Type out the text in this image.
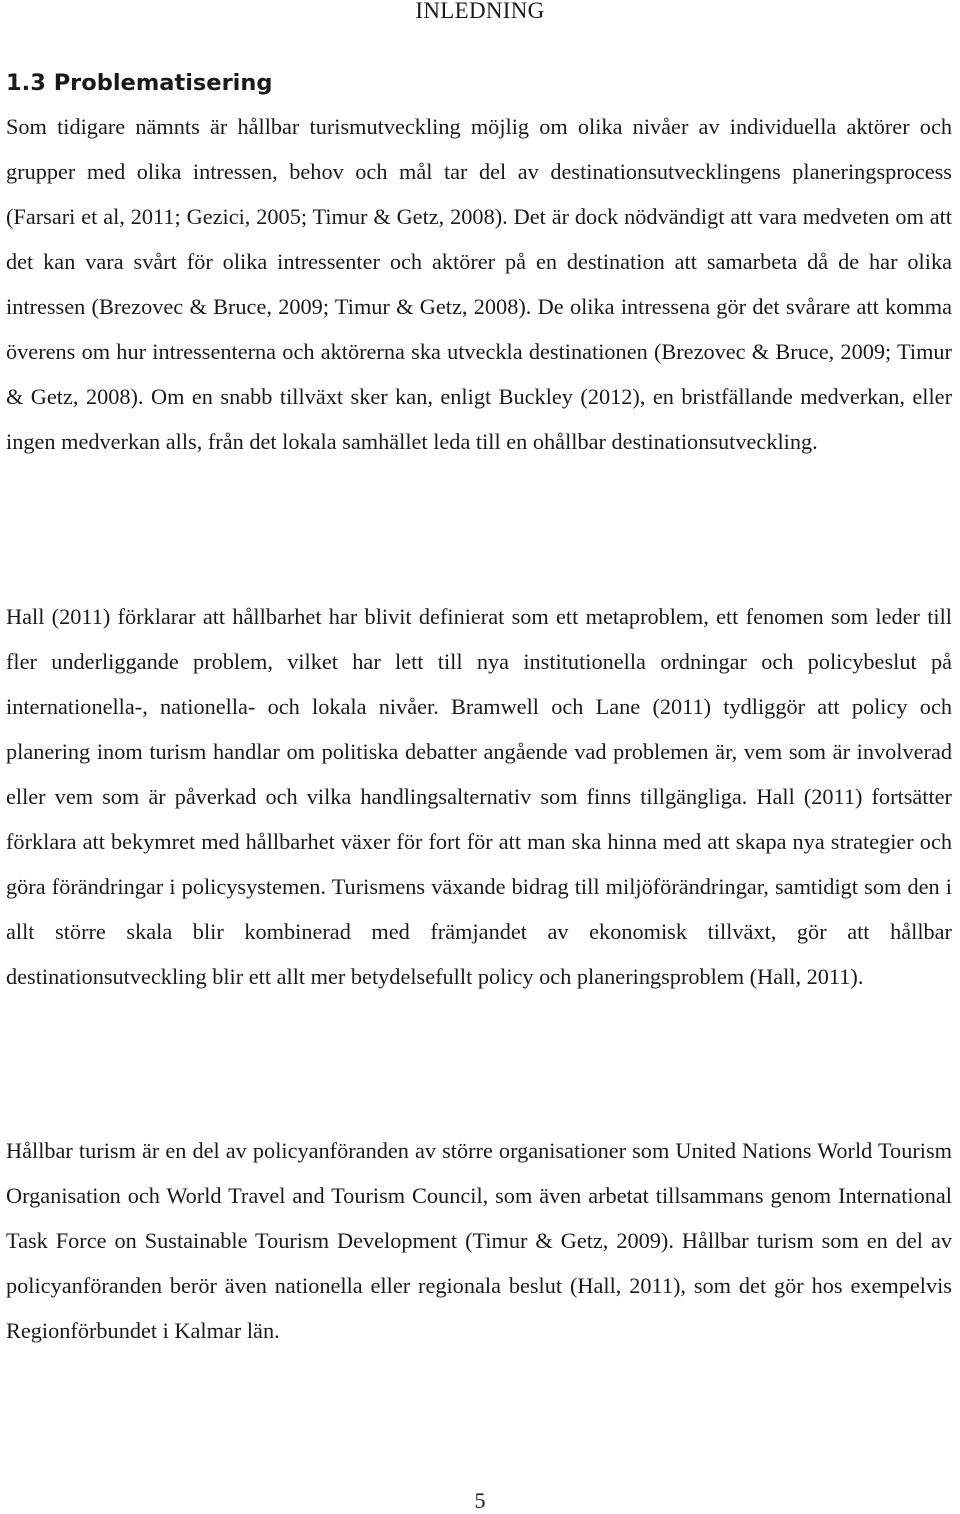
INLEDNING
1.3 Problematisering

Som tidigare nämnts är hållbar turismutveckling möjlig om olika nivåer av individuella aktörer och grupper med olika intressen, behov och mål tar del av destinationsutvecklingens planeringsprocess (Farsari et al, 2011; Gezici, 2005; Timur & Getz, 2008). Det är dock nödvändigt att vara medveten om att det kan vara svårt för olika intressenter och aktörer på en destination att samarbeta då de har olika intressen (Brezovec & Bruce, 2009; Timur & Getz, 2008). De olika intressena gör det svårare att komma överens om hur intressenterna och aktörerna ska utveckla destinationen (Brezovec & Bruce, 2009; Timur & Getz, 2008). Om en snabb tillväxt sker kan, enligt Buckley (2012), en bristfällande medverkan, eller ingen medverkan alls, från det lokala samhället leda till en ohållbar destinationsutveckling.

Hall (2011) förklarar att hållbarhet har blivit definierat som ett metaproblem, ett fenomen som leder till fler underliggande problem, vilket har lett till nya institutionella ordningar och policybeslut på internationella-, nationella- och lokala nivåer. Bramwell och Lane (2011) tydliggör att policy och planering inom turism handlar om politiska debatter angående vad problemen är, vem som är involverad eller vem som är påverkad och vilka handlingsalternativ som finns tillgängliga. Hall (2011) fortsätter förklara att bekymret med hållbarhet växer för fort för att man ska hinna med att skapa nya strategier och göra förändringar i policysystemen. Turismens växande bidrag till miljöförändringar, samtidigt som den i allt större skala blir kombinerad med främjandet av ekonomisk tillväxt, gör att hållbar destinationsutveckling blir ett allt mer betydelsefullt policy och planeringsproblem (Hall, 2011).

Hållbar turism är en del av policyanföranden av större organisationer som United Nations World Tourism Organisation och World Travel and Tourism Council, som även arbetat tillsammans genom International Task Force on Sustainable Tourism Development (Timur & Getz, 2009). Hållbar turism som en del av policyanföranden berör även nationella eller regionala beslut (Hall, 2011), som det gör hos exempelvis Regionförbundet i Kalmar län.

5
